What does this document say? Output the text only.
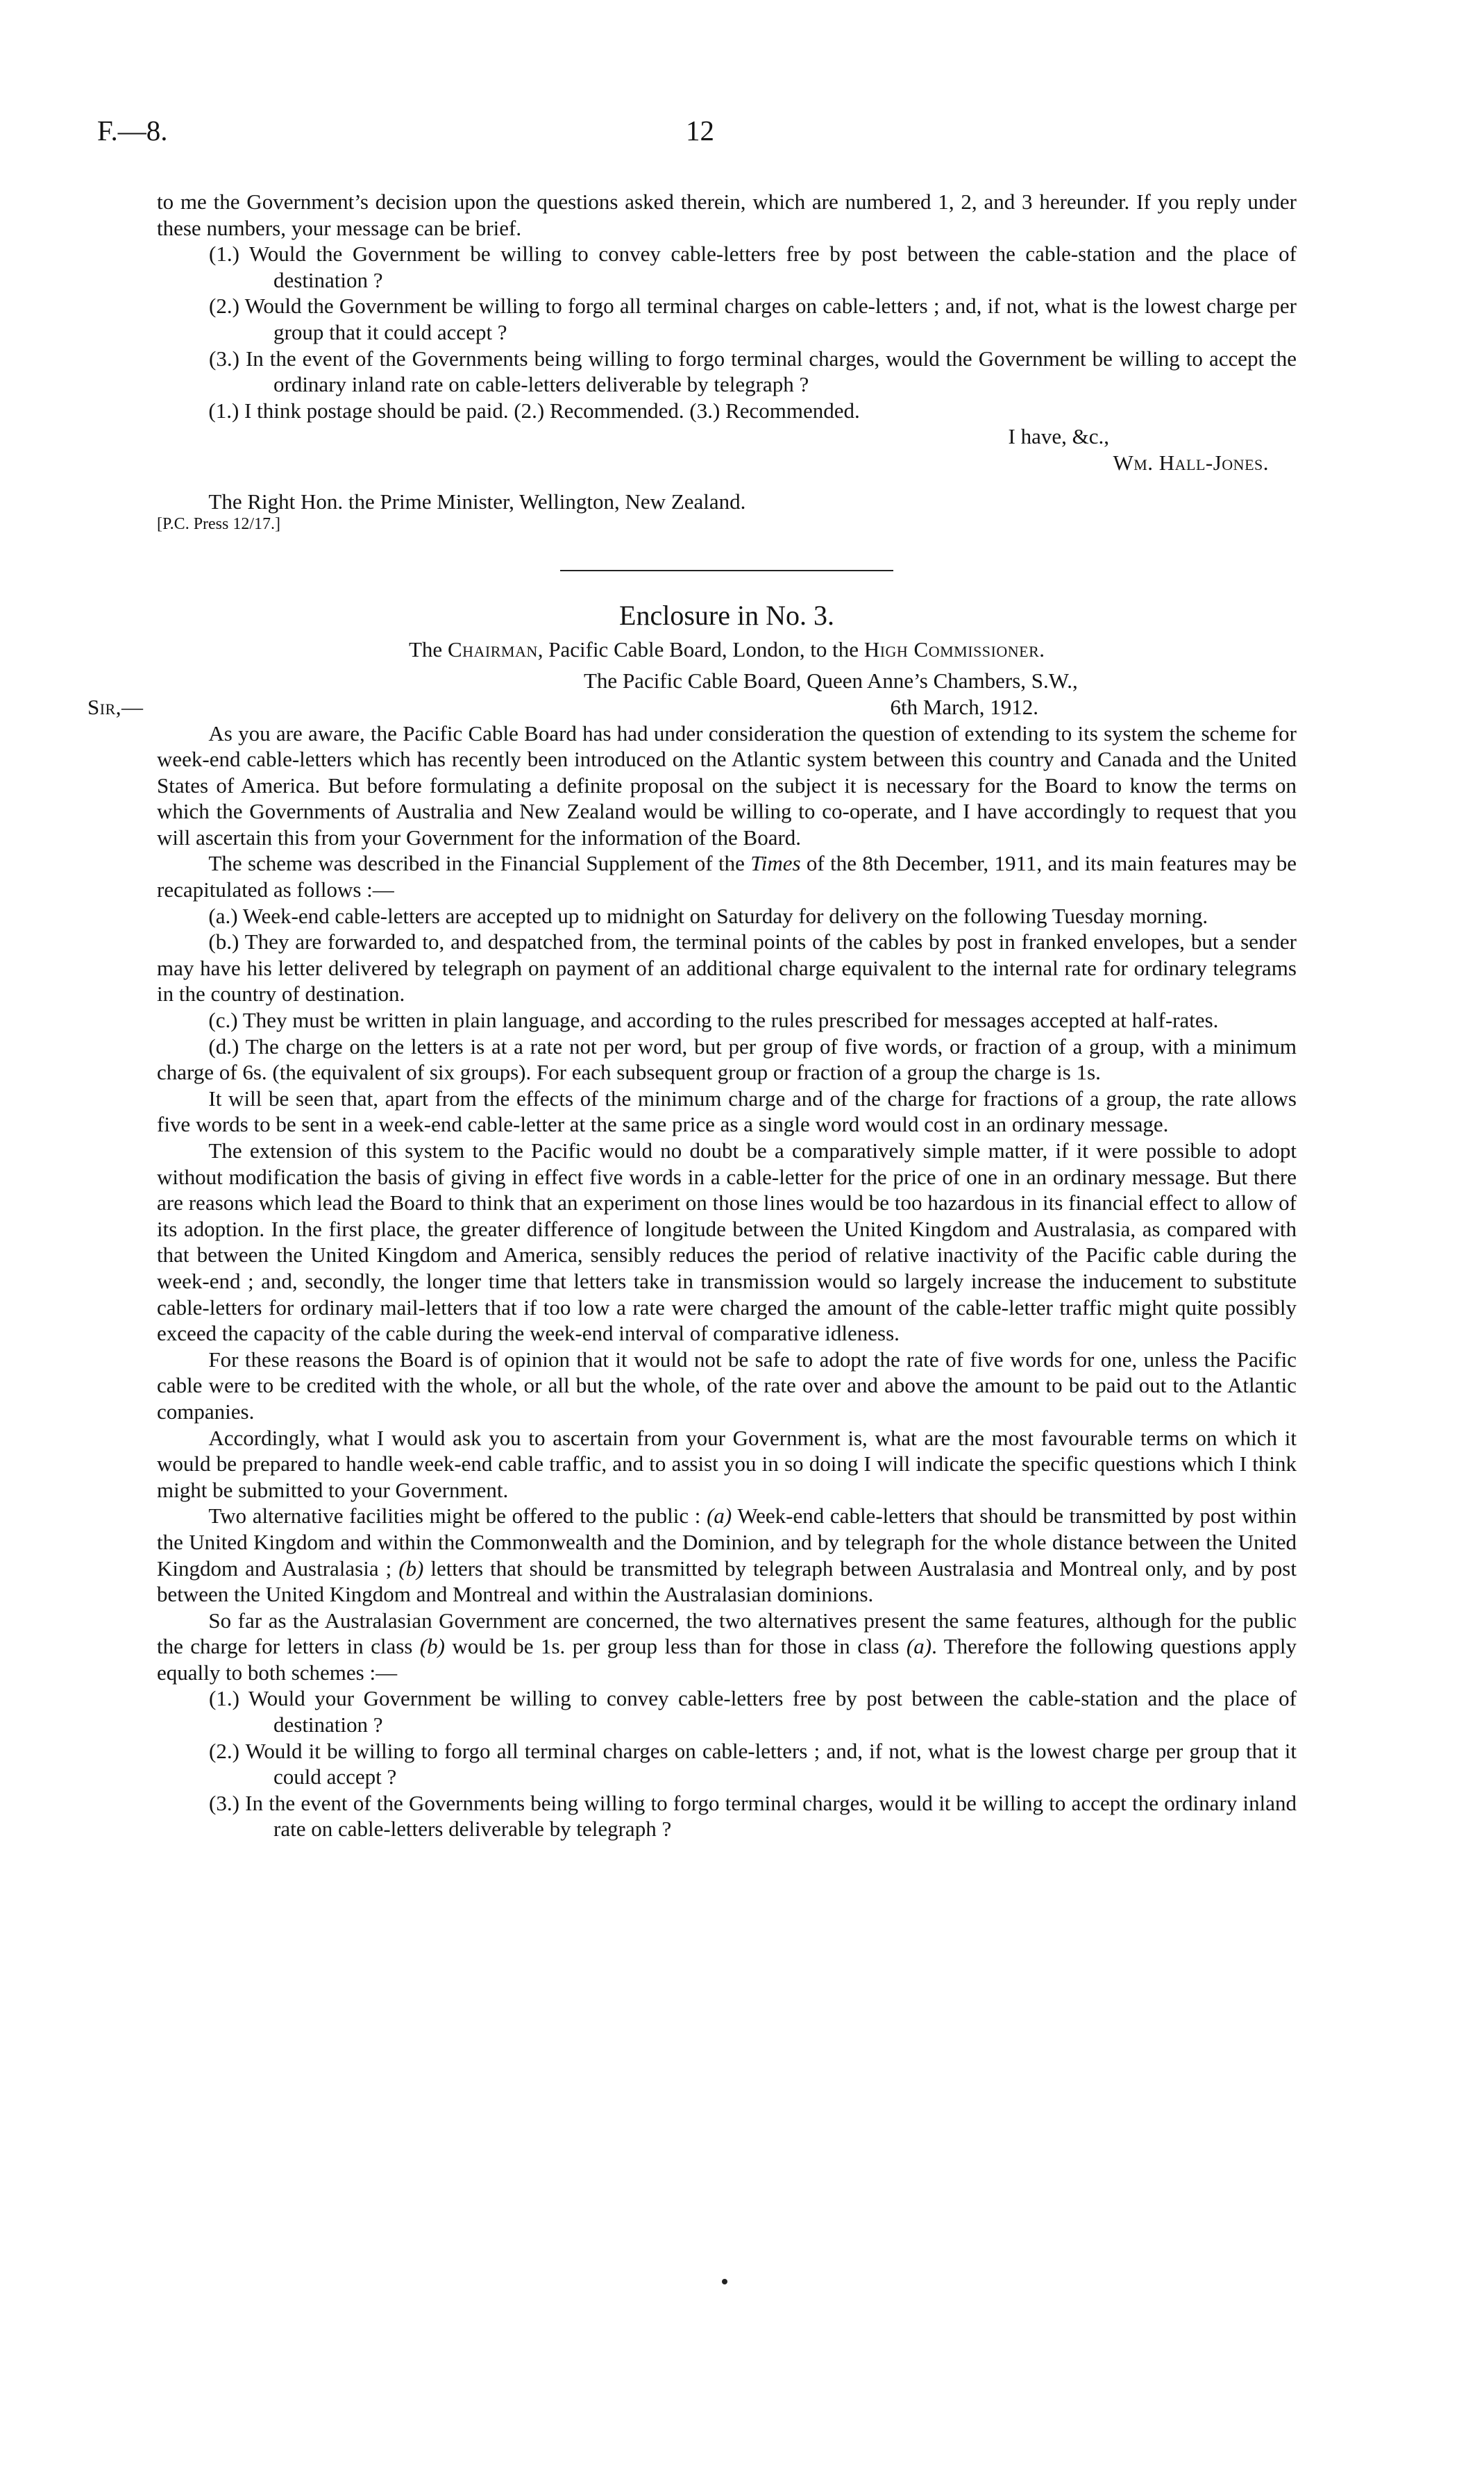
F.—8.	12

to me the Government’s decision upon the questions asked therein, which are numbered 1, 2, and 3 hereunder. If you reply under these numbers, your message can be brief.

(1.) Would the Government be willing to convey cable-letters free by post between the cable-station and the place of destination ?

(2.) Would the Government be willing to forgo all terminal charges on cable-letters ; and, if not, what is the lowest charge per group that it could accept ?

(3.) In the event of the Governments being willing to forgo terminal charges, would the Government be willing to accept the ordinary inland rate on cable-letters deliverable by telegraph ?

(1.) I think postage should be paid. (2.) Recommended. (3.) Recommended.

I have, &c.,

Wm. Hall-Jones.

The Right Hon. the Prime Minister, Wellington, New Zealand.

[P.C. Press 12/17.]

Enclosure in No. 3.

The Chairman, Pacific Cable Board, London, to the High Commissioner.

The Pacific Cable Board, Queen Anne’s Chambers, S.W.,

Sir,—	6th March, 1912.

As you are aware, the Pacific Cable Board has had under consideration the question of extending to its system the scheme for week-end cable-letters which has recently been introduced on the Atlantic system between this country and Canada and the United States of America. But before formulating a definite proposal on the subject it is necessary for the Board to know the terms on which the Governments of Australia and New Zealand would be willing to co-operate, and I have accordingly to request that you will ascertain this from your Government for the information of the Board.

The scheme was described in the Financial Supplement of the Times of the 8th December, 1911, and its main features may be recapitulated as follows :—

(a.) Week-end cable-letters are accepted up to midnight on Saturday for delivery on the following Tuesday morning.

(b.) They are forwarded to, and despatched from, the terminal points of the cables by post in franked envelopes, but a sender may have his letter delivered by telegraph on payment of an additional charge equivalent to the internal rate for ordinary telegrams in the country of destination.

(c.) They must be written in plain language, and according to the rules prescribed for messages accepted at half-rates.

(d.) The charge on the letters is at a rate not per word, but per group of five words, or fraction of a group, with a minimum charge of 6s. (the equivalent of six groups). For each subsequent group or fraction of a group the charge is 1s.

It will be seen that, apart from the effects of the minimum charge and of the charge for fractions of a group, the rate allows five words to be sent in a week-end cable-letter at the same price as a single word would cost in an ordinary message.

The extension of this system to the Pacific would no doubt be a comparatively simple matter, if it were possible to adopt without modification the basis of giving in effect five words in a cable-letter for the price of one in an ordinary message. But there are reasons which lead the Board to think that an experiment on those lines would be too hazardous in its financial effect to allow of its adoption. In the first place, the greater difference of longitude between the United Kingdom and Australasia, as compared with that between the United Kingdom and America, sensibly reduces the period of relative inactivity of the Pacific cable during the week-end ; and, secondly, the longer time that letters take in transmission would so largely increase the inducement to substitute cable-letters for ordinary mail-letters that if too low a rate were charged the amount of the cable-letter traffic might quite possibly exceed the capacity of the cable during the week-end interval of comparative idleness.

For these reasons the Board is of opinion that it would not be safe to adopt the rate of five words for one, unless the Pacific cable were to be credited with the whole, or all but the whole, of the rate over and above the amount to be paid out to the Atlantic companies.

Accordingly, what I would ask you to ascertain from your Government is, what are the most favourable terms on which it would be prepared to handle week-end cable traffic, and to assist you in so doing I will indicate the specific questions which I think might be submitted to your Government.

Two alternative facilities might be offered to the public : (a) Week-end cable-letters that should be transmitted by post within the United Kingdom and within the Commonwealth and the Dominion, and by telegraph for the whole distance between the United Kingdom and Australasia ; (b) letters that should be transmitted by telegraph between Australasia and Montreal only, and by post between the United Kingdom and Montreal and within the Australasian dominions.

So far as the Australasian Government are concerned, the two alternatives present the same features, although for the public the charge for letters in class (b) would be 1s. per group less than for those in class (a). Therefore the following questions apply equally to both schemes :—

(1.) Would your Government be willing to convey cable-letters free by post between the cable-station and the place of destination ?

(2.) Would it be willing to forgo all terminal charges on cable-letters ; and, if not, what is the lowest charge per group that it could accept ?

(3.) In the event of the Governments being willing to forgo terminal charges, would it be willing to accept the ordinary inland rate on cable-letters deliverable by telegraph ?
